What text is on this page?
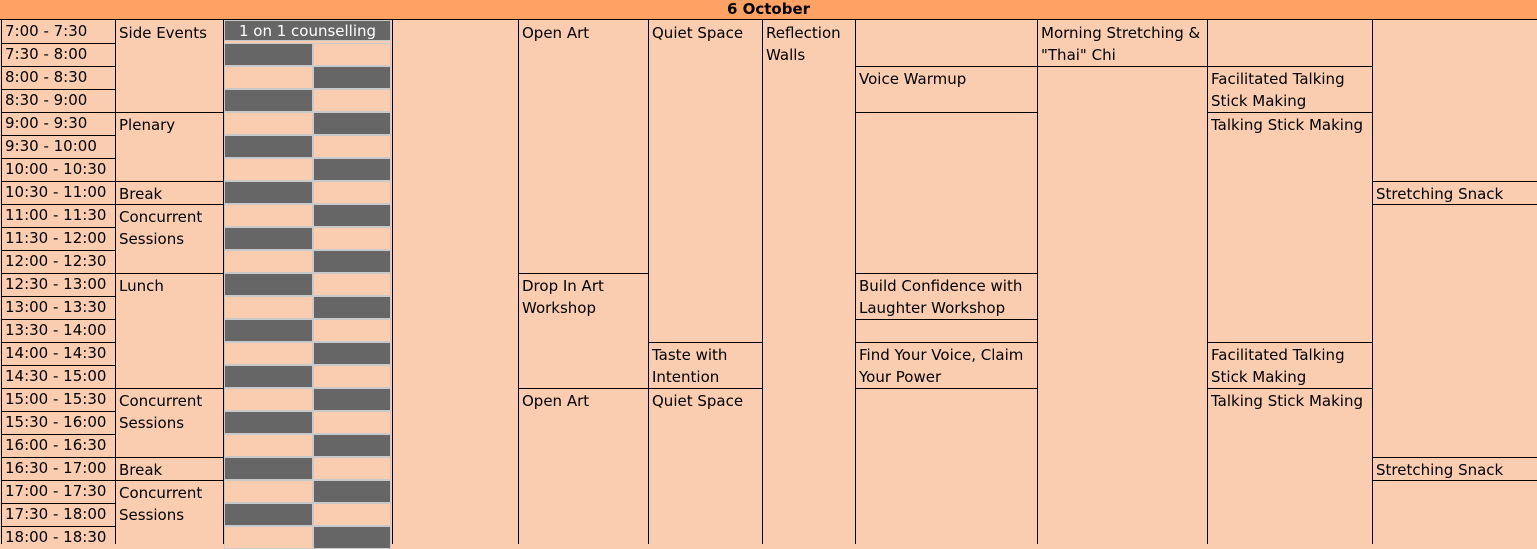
6 October
7:00 - 7:30
7:30 - 8:00
8:00 - 8:30
8:30 - 9:00
9:00 - 9:30
9:30 - 10:00
10:00 - 10:30
10:30 - 11:00
11:00 - 11:30
11:30 - 12:00
12:00 - 12:30
12:30 - 13:00
13:00 - 13:30
13:30 - 14:00
14:00 - 14:30
14:30 - 15:00
15:00 - 15:30
15:30 - 16:00
16:00 - 16:30
16:30 - 17:00
17:00 - 17:30
17:30 - 18:00
18:00 - 18:30
1 on 1 counselling
Side Events
Plenary
Break
Concurrent
Sessions
Lunch
Concurrent
Sessions
Break
Concurrent
Sessions
Open Art
Drop In Art
Workshop
Open Art
Quiet Space
Taste with
Intention
Quiet Space
Reflection
Walls
Voice Warmup
Build Confidence with
Laughter Workshop
Find Your Voice, Claim
Your Power
Morning Stretching &
"Thai" Chi
Facilitated Talking
Stick Making
Talking Stick Making
Facilitated Talking
Stick Making
Talking Stick Making
Stretching Snack
Stretching Snack
